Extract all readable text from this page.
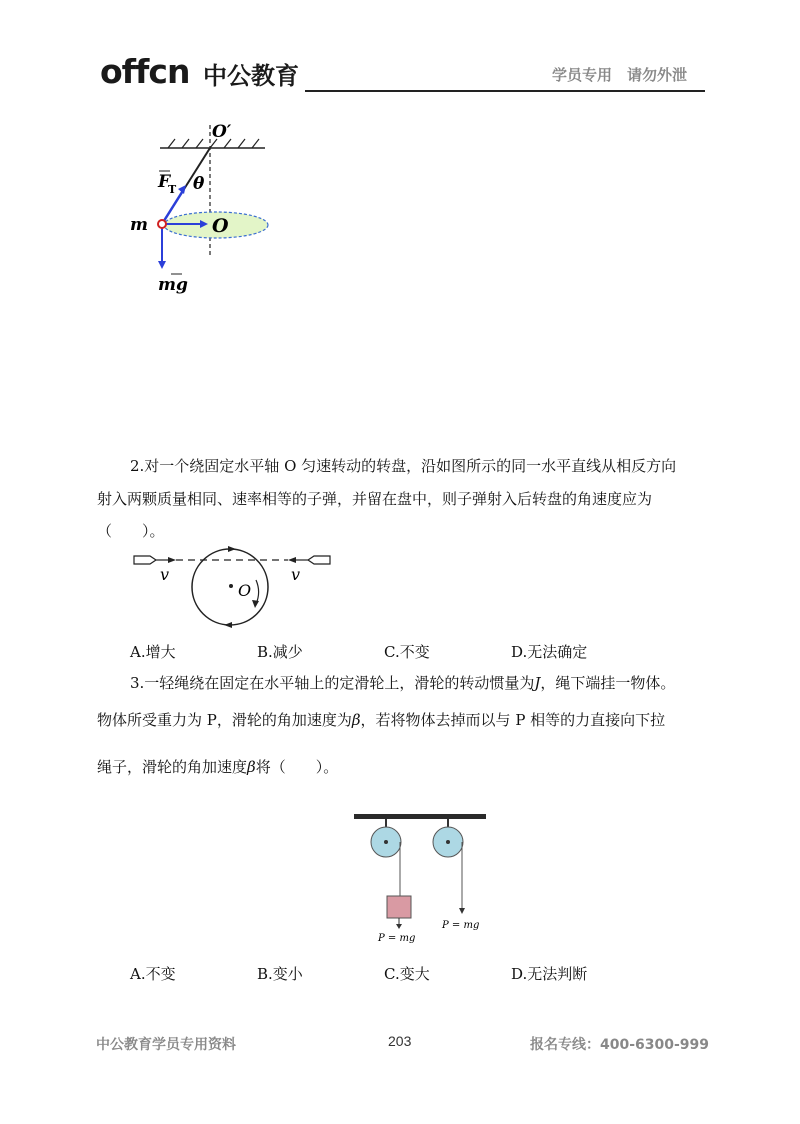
offcn 中公教育	学员专用　请勿外泄
O′
F
T θ
m	O
mg
2.对一个绕固定水平轴 O 匀速转动的转盘，沿如图所示的同一水平直线从相反方向
射入两颗质量相同、速率相等的子弹，并留在盘中，则子弹射入后转盘的角速度应为
（　　）。
O
v	v
A.增大	B.减少	C.不变	D.无法确定
3.一轻绳绕在固定在水平轴上的定滑轮上，滑轮的转动惯量为J，绳下端挂一物体。
物体所受重力为 P，滑轮的角加速度为β，若将物体去掉而以与 P 相等的力直接向下拉
绳子，滑轮的角加速度β将（　　）。
P = mg
P = mg
A.不变	B.变小	C.变大	D.无法判断
中公教育学员专用资料	203	报名专线：400-6300-999
